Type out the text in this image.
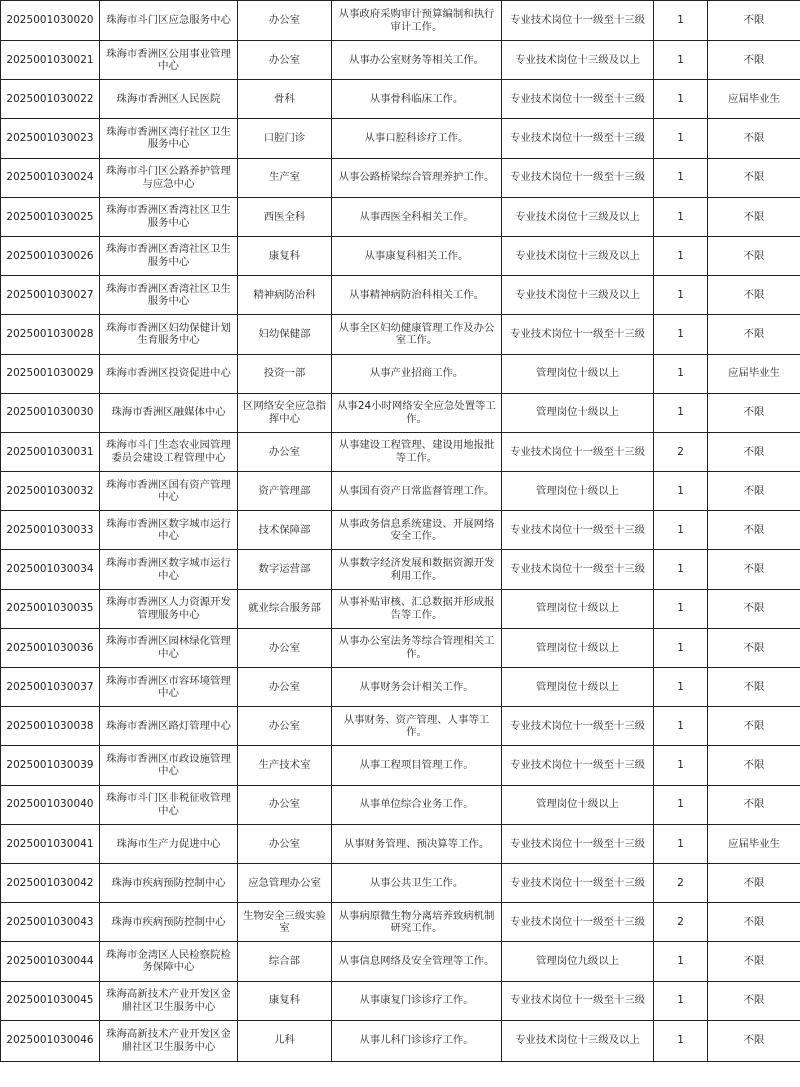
2025001030020	珠海市斗门区应急服务中心	办公室	从事政府采购审计预算编制和执行审计工作。	专业技术岗位十一级至十三级	1	不限
2025001030021	珠海市香洲区公用事业管理中心	办公室	从事办公室财务等相关工作。	专业技术岗位十三级及以上	1	不限
2025001030022	珠海市香洲区人民医院	骨科	从事骨科临床工作。	专业技术岗位十一级至十三级	1	应届毕业生
2025001030023	珠海市香洲区湾仔社区卫生服务中心	口腔门诊	从事口腔科诊疗工作。	专业技术岗位十一级至十三级	1	不限
2025001030024	珠海市斗门区公路养护管理与应急中心	生产室	从事公路桥梁综合管理养护工作。	专业技术岗位十一级至十三级	1	不限
2025001030025	珠海市香洲区香湾社区卫生服务中心	西医全科	从事西医全科相关工作。	专业技术岗位十三级及以上	1	不限
2025001030026	珠海市香洲区香湾社区卫生服务中心	康复科	从事康复科相关工作。	专业技术岗位十三级及以上	1	不限
2025001030027	珠海市香洲区香湾社区卫生服务中心	精神病防治科	从事精神病防治科相关工作。	专业技术岗位十三级及以上	1	不限
2025001030028	珠海市香洲区妇幼保健计划生育服务中心	妇幼保健部	从事全区妇幼健康管理工作及办公室工作。	专业技术岗位十一级至十三级	1	不限
2025001030029	珠海市香洲区投资促进中心	投资一部	从事产业招商工作。	管理岗位十级以上	1	应届毕业生
2025001030030	珠海市香洲区融媒体中心	区网络安全应急指挥中心	从事24小时网络安全应急处置等工作。	管理岗位十级以上	1	不限
2025001030031	珠海市斗门生态农业园管理委员会建设工程管理中心	办公室	从事建设工程管理、建设用地报批等工作。	专业技术岗位十一级至十三级	2	不限
2025001030032	珠海市香洲区国有资产管理中心	资产管理部	从事国有资产日常监督管理工作。	管理岗位十级以上	1	不限
2025001030033	珠海市香洲区数字城市运行中心	技术保障部	从事政务信息系统建设、开展网络安全工作。	专业技术岗位十一级至十三级	1	不限
2025001030034	珠海市香洲区数字城市运行中心	数字运营部	从事数字经济发展和数据资源开发利用工作。	专业技术岗位十一级至十三级	1	不限
2025001030035	珠海市香洲区人力资源开发管理服务中心	就业综合服务部	从事补贴审核、汇总数据并形成报告等工作。	管理岗位十级以上	1	不限
2025001030036	珠海市香洲区园林绿化管理中心	办公室	从事办公室法务等综合管理相关工作。	管理岗位十级以上	1	不限
2025001030037	珠海市香洲区市容环境管理中心	办公室	从事财务会计相关工作。	管理岗位十级以上	1	不限
2025001030038	珠海市香洲区路灯管理中心	办公室	从事财务、资产管理、人事等工作。	专业技术岗位十一级至十三级	1	不限
2025001030039	珠海市香洲区市政设施管理中心	生产技术室	从事工程项目管理工作。	专业技术岗位十一级至十三级	1	不限
2025001030040	珠海市斗门区非税征收管理中心	办公室	从事单位综合业务工作。	管理岗位十级以上	1	不限
2025001030041	珠海市生产力促进中心	办公室	从事财务管理、预决算等工作。	专业技术岗位十一级至十三级	1	应届毕业生
2025001030042	珠海市疾病预防控制中心	应急管理办公室	从事公共卫生工作。	专业技术岗位十一级至十三级	2	不限
2025001030043	珠海市疾病预防控制中心	生物安全三级实验室	从事病原微生物分离培养致病机制研究工作。	专业技术岗位十一级至十三级	2	不限
2025001030044	珠海市金湾区人民检察院检务保障中心	综合部	从事信息网络及安全管理等工作。	管理岗位九级以上	1	不限
2025001030045	珠海高新技术产业开发区金鼎社区卫生服务中心	康复科	从事康复门诊诊疗工作。	专业技术岗位十一级至十三级	1	不限
2025001030046	珠海高新技术产业开发区金鼎社区卫生服务中心	儿科	从事儿科门诊诊疗工作。	专业技术岗位十三级及以上	1	不限
